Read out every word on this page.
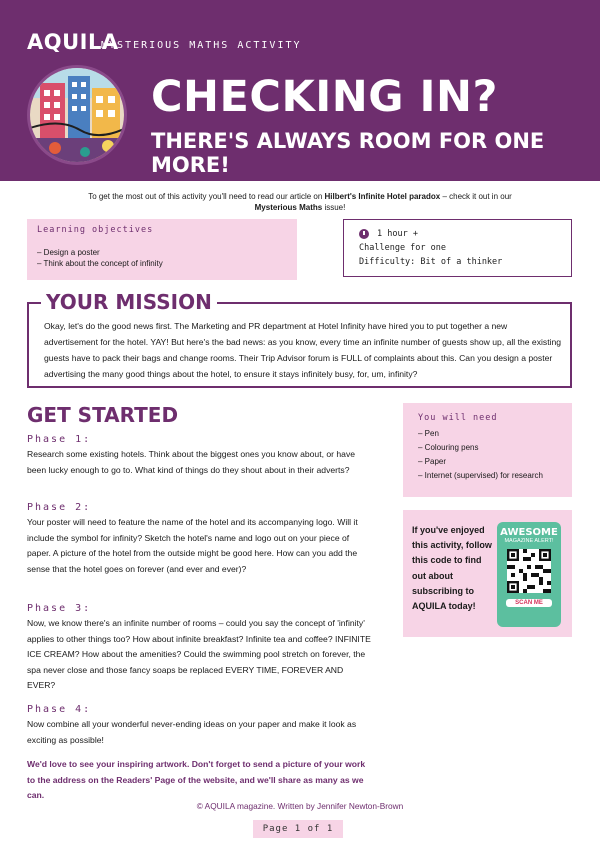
AQUILA
MYSTERIOUS MATHS ACTIVITY
CHECKING IN?
THERE'S ALWAYS ROOM FOR ONE MORE!
To get the most out of this activity you'll need to read our article on Hilbert's Infinite Hotel paradox – check it out in our
Mysterious Maths issue!
Learning objectives
– Design a poster
– Think about the concept of infinity
1 hour +
Challenge for one
Difficulty: Bit of a thinker
YOUR MISSION
Okay, let's do the good news first. The Marketing and PR department at Hotel Infinity have hired you to put together a new advertisement for the hotel. YAY! But here's the bad news: as you know, every time an infinite number of guests show up, all the existing guests have to pack their bags and change rooms. Their Trip Advisor forum is FULL of complaints about this. Can you design a poster advertising the many good things about the hotel, to ensure it stays infinitely busy, for, um, infinity?
GET STARTED
Phase 1:
Research some existing hotels. Think about the biggest ones you know about, or have been lucky enough to go to. What kind of things do they shout about in their adverts?
Phase 2:
Your poster will need to feature the name of the hotel and its accompanying logo. Will it include the symbol for infinity? Sketch the hotel's name and logo out on your piece of paper. A picture of the hotel from the outside might be good here. How can you add the sense that the hotel goes on forever (and ever and ever)?
Phase 3:
Now, we know there's an infinite number of rooms – could you say the concept of 'infinity' applies to other things too? How about infinite breakfast? Infinite tea and coffee? INFINITE ICE CREAM? How about the amenities? Could the swimming pool stretch on forever, the spa never close and those fancy soaps be replaced EVERY TIME, FOREVER AND EVER?
Phase 4:
Now combine all your wonderful never-ending ideas on your paper and make it look as exciting as possible!
We'd love to see your inspiring artwork. Don't forget to send a picture of your work to the address on the Readers' Page of the website, and we'll share as many as we can.
You will need
– Pen
– Colouring pens
– Paper
– Internet (supervised) for research
If you've enjoyed this activity, follow this code to find out about subscribing to AQUILA today!
AWESOME
MAGAZINE ALERT!
SCAN ME
© AQUILA magazine. Written by Jennifer Newton-Brown
Page 1 of 1
